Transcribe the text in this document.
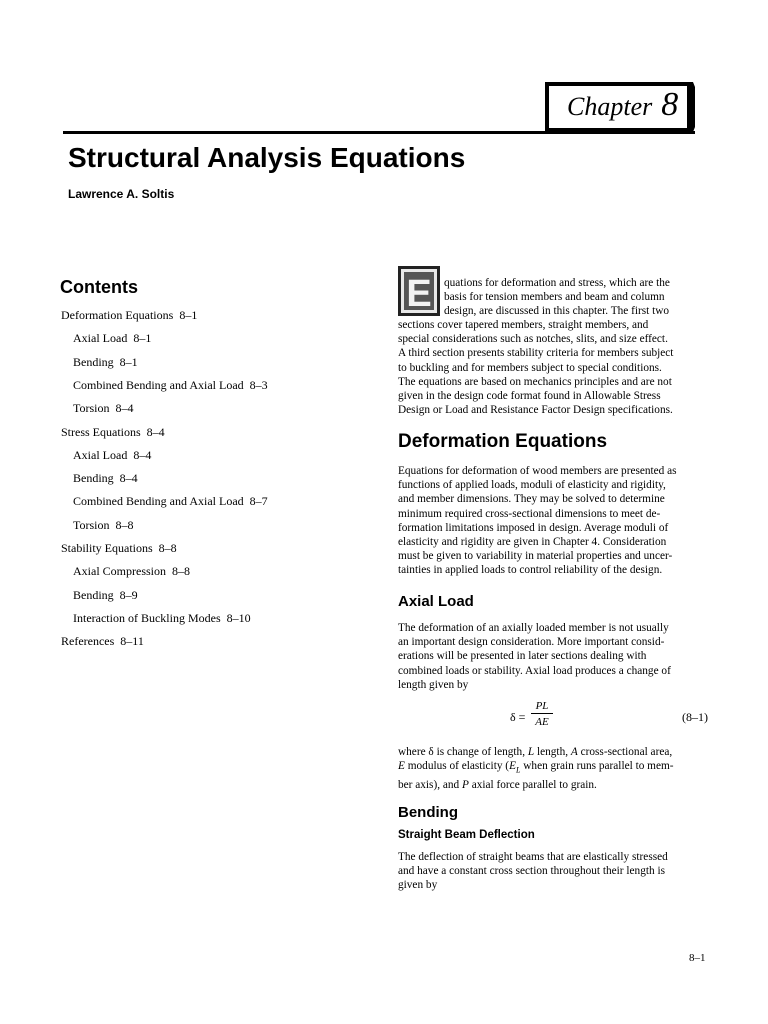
Chapter 8
Structural Analysis Equations
Lawrence A. Soltis
Contents
Deformation Equations 8–1
Axial Load 8–1
Bending 8–1
Combined Bending and Axial Load 8–3
Torsion 8–4
Stress Equations 8–4
Axial Load 8–4
Bending 8–4
Combined Bending and Axial Load 8–7
Torsion 8–8
Stability Equations 8–8
Axial Compression 8–8
Bending 8–9
Interaction of Buckling Modes 8–10
References 8–11
E quations for deformation and stress, which are the
basis for tension members and beam and column
design, are discussed in this chapter. The first two
sections cover tapered members, straight members, and
special considerations such as notches, slits, and size effect.
A third section presents stability criteria for members subject
to buckling and for members subject to special conditions.
The equations are based on mechanics principles and are not
given in the design code format found in Allowable Stress
Design or Load and Resistance Factor Design specifications.
Deformation Equations
Equations for deformation of wood members are presented as
functions of applied loads, moduli of elasticity and rigidity,
and member dimensions. They may be solved to determine
minimum required cross-sectional dimensions to meet de-
formation limitations imposed in design. Average moduli of
elasticity and rigidity are given in Chapter 4. Consideration
must be given to variability in material properties and uncer-
tainties in applied loads to control reliability of the design.
Axial Load
The deformation of an axially loaded member is not usually
an important design consideration. More important consid-
erations will be presented in later sections dealing with
combined loads or stability. Axial load produces a change of
length given by
$\delta = \frac{PL}{AE}$	(8–1)
where δ is change of length, L length, A cross-sectional area,
E modulus of elasticity ($E_L$ when grain runs parallel to mem-
ber axis), and P axial force parallel to grain.
Bending
Straight Beam Deflection
The deflection of straight beams that are elastically stressed
and have a constant cross section throughout their length is
given by
8–1
